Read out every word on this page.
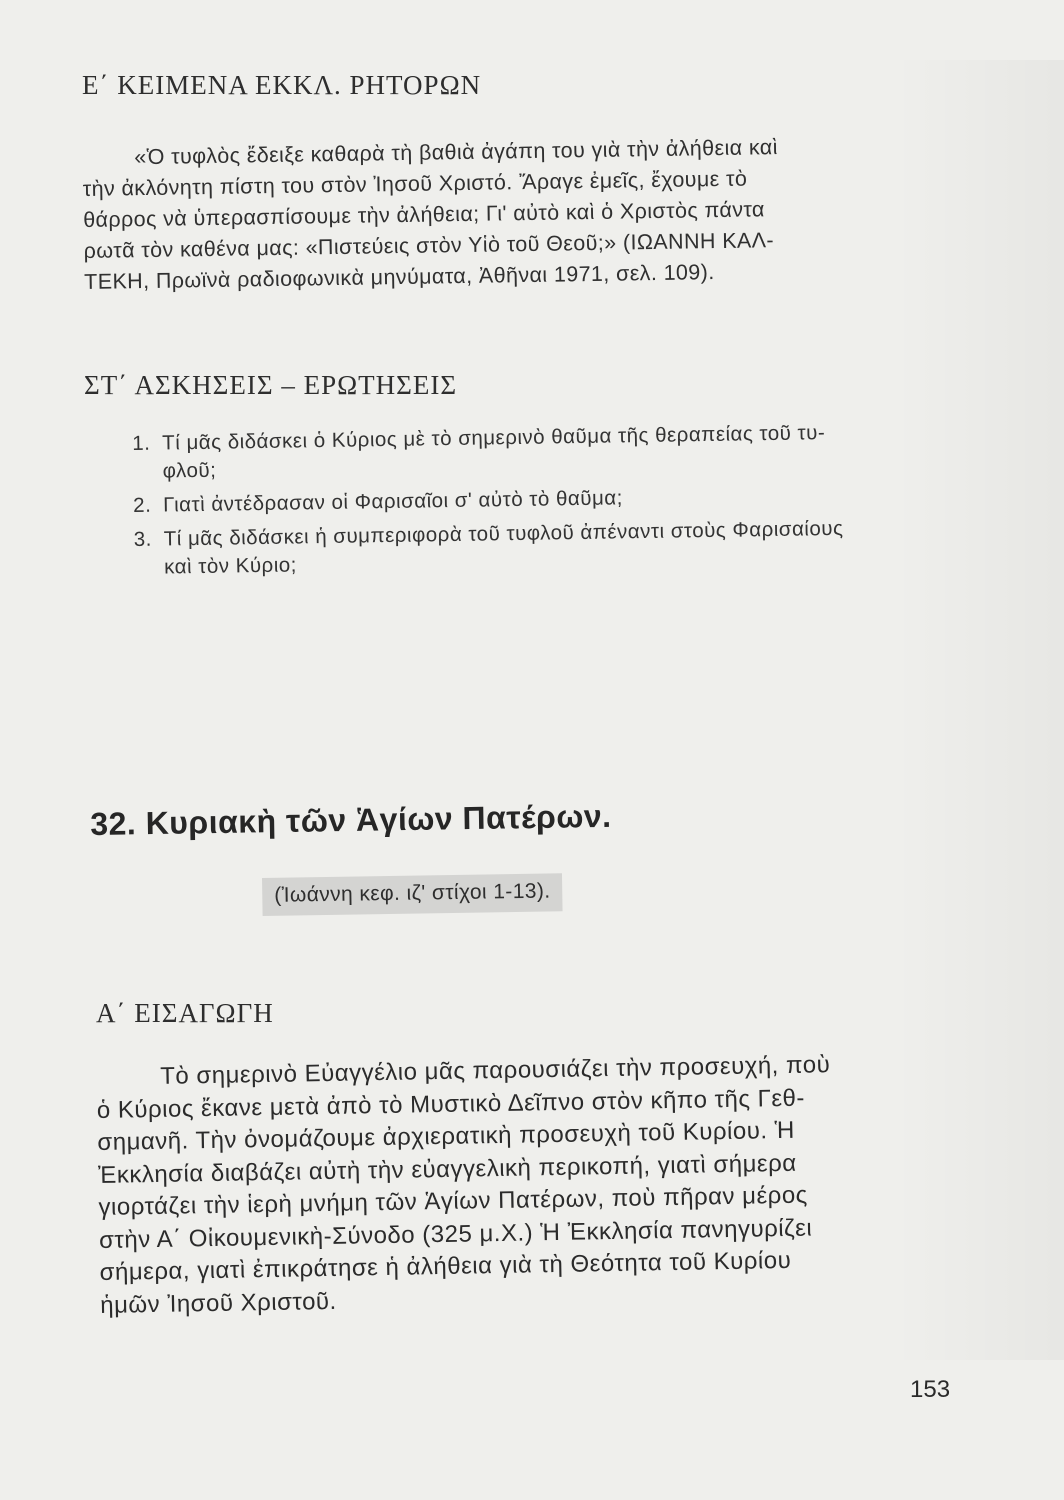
Ε΄ ΚΕΙΜΕΝΑ ΕΚΚΛ. ΡΗΤΟΡΩΝ
«Ὁ τυφλὸς ἔδειξε καθαρὰ τὴ βαθιὰ ἀγάπη του γιὰ τὴν ἀλήθεια καὶ
τὴν ἀκλόνητη πίστη του στὸν Ἰησοῦ Χριστό. Ἄραγε ἐμεῖς, ἔχουμε τὸ
θάρρος νὰ ὑπερασπίσουμε τὴν ἀλήθεια; Γι' αὐτὸ καὶ ὁ Χριστὸς πάντα
ρωτᾶ τὸν καθένα μας: «Πιστεύεις στὸν Υἱὸ τοῦ Θεοῦ;» (ΙΩΑΝΝΗ ΚΑΛ-
ΤΕΚΗ, Πρωϊνὰ ραδιοφωνικὰ μηνύματα, Ἀθῆναι 1971, σελ. 109).
ΣΤ΄ ΑΣΚΗΣΕΙΣ – ΕΡΩΤΗΣΕΙΣ
1. Τί μᾶς διδάσκει ὁ Κύριος μὲ τὸ σημερινὸ θαῦμα τῆς θεραπείας τοῦ τυ-
φλοῦ;
2. Γιατὶ ἀντέδρασαν οἱ Φαρισαῖοι σ' αὐτὸ τὸ θαῦμα;
3. Τί μᾶς διδάσκει ἡ συμπεριφορὰ τοῦ τυφλοῦ ἀπέναντι στοὺς Φαρισαίους
καὶ τὸν Κύριο;
32. Κυριακὴ τῶν Ἁγίων Πατέρων.
(Ἰωάννη κεφ. ιζ' στίχοι 1-13).
Α΄ ΕΙΣΑΓΩΓΗ
Τὸ σημερινὸ Εὐαγγέλιο μᾶς παρουσιάζει τὴν προσευχή, ποὺ
ὁ Κύριος ἔκανε μετὰ ἀπὸ τὸ Μυστικὸ Δεῖπνο στὸν κῆπο τῆς Γεθ-
σημανῆ. Τὴν ὀνομάζουμε ἀρχιερατικὴ προσευχὴ τοῦ Κυρίου. Ἡ
Ἐκκλησία διαβάζει αὐτὴ τὴν εὐαγγελικὴ περικοπή, γιατὶ σήμερα
γιορτάζει τὴν ἱερὴ μνήμη τῶν Ἁγίων Πατέρων, ποὺ πῆραν μέρος
στὴν Α΄ Οἰκουμενικὴ-Σύνοδο (325 μ.Χ.) Ἡ Ἐκκλησία πανηγυρίζει
σήμερα, γιατὶ ἐπικράτησε ἡ ἀλήθεια γιὰ τὴ Θεότητα τοῦ Κυρίου
ἡμῶν Ἰησοῦ Χριστοῦ.
153
